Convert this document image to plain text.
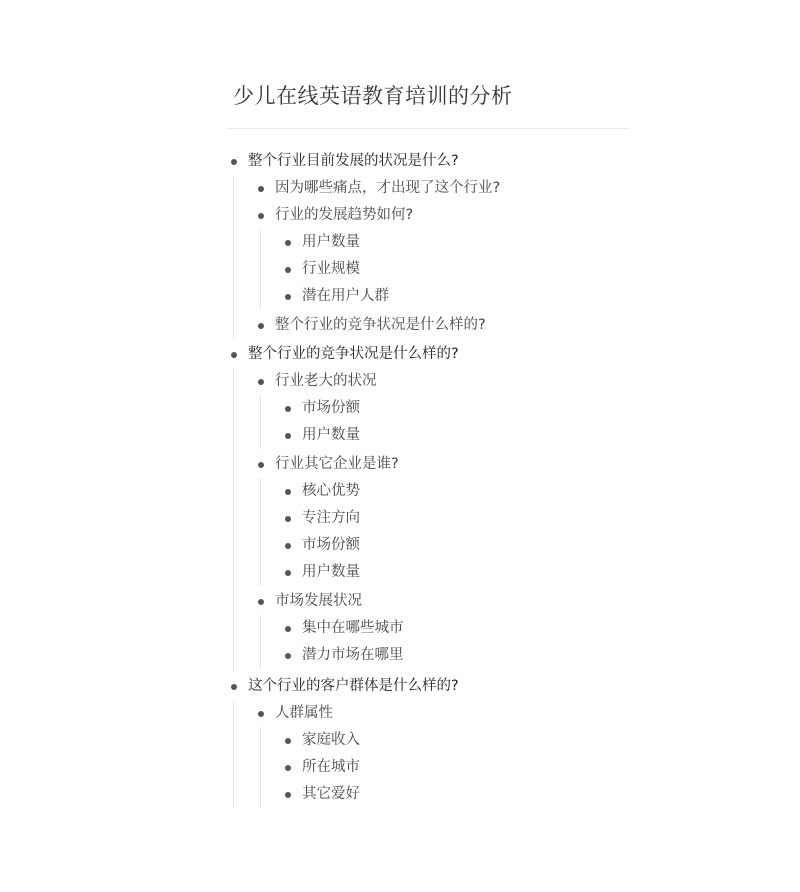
少儿在线英语教育培训的分析
整个行业目前发展的状况是什么?
因为哪些痛点，才出现了这个行业?
行业的发展趋势如何?
用户数量
行业规模
潜在用户人群
整个行业的竞争状况是什么样的?
整个行业的竞争状况是什么样的?
行业老大的状况
市场份额
用户数量
行业其它企业是谁?
核心优势
专注方向
市场份额
用户数量
市场发展状况
集中在哪些城市
潜力市场在哪里
这个行业的客户群体是什么样的?
人群属性
家庭收入
所在城市
其它爱好
